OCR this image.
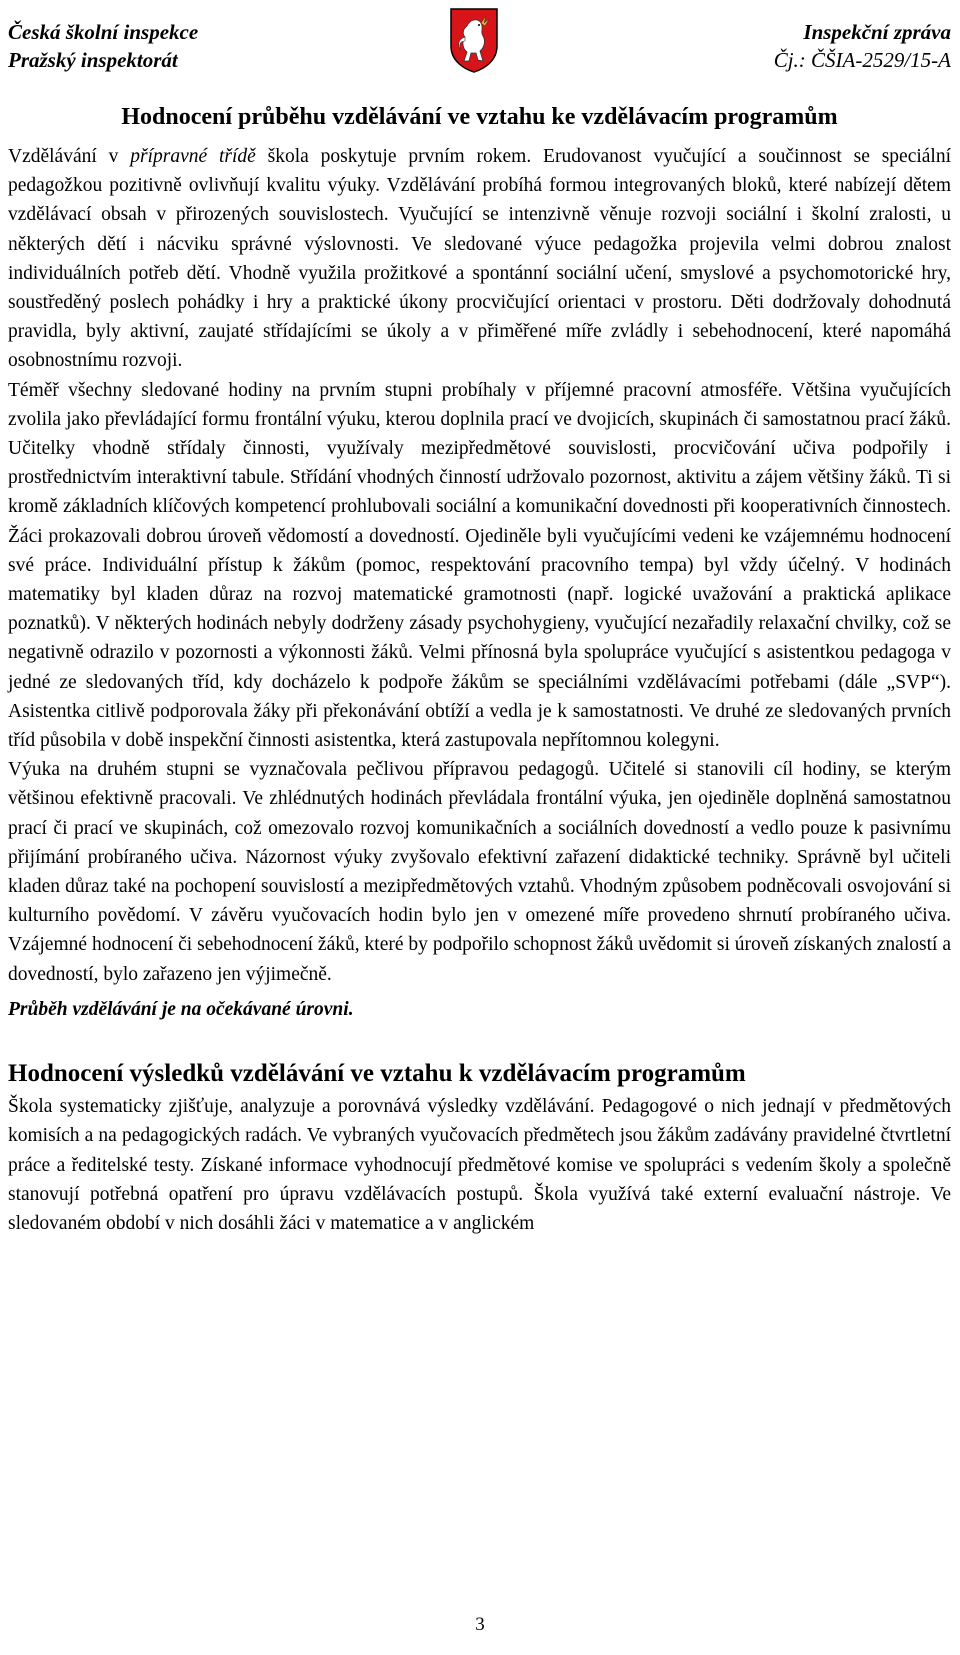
Česká školní inspekce
Pražský inspektorát
Inspekční zpráva
Čj.: ČŠIA-2529/15-A
Hodnocení průběhu vzdělávání ve vztahu ke vzdělávacím programům

Vzdělávání v přípravné třídě škola poskytuje prvním rokem. Erudovanost vyučující a součinnost se speciální pedagožkou pozitivně ovlivňují kvalitu výuky. Vzdělávání probíhá formou integrovaných bloků, které nabízejí dětem vzdělávací obsah v přirozených souvislostech. Vyučující se intenzivně věnuje rozvoji sociální i školní zralosti, u některých dětí i nácviku správné výslovnosti. Ve sledované výuce pedagožka projevila velmi dobrou znalost individuálních potřeb dětí. Vhodně využila prožitkové a spontánní sociální učení, smyslové a psychomotorické hry, soustředěný poslech pohádky i hry a praktické úkony procvičující orientaci v prostoru. Děti dodržovaly dohodnutá pravidla, byly aktivní, zaujaté střídajícími se úkoly a v přiměřené míře zvládly i sebehodnocení, které napomáhá osobnostnímu rozvoji.

Téměř všechny sledované hodiny na prvním stupni probíhaly v příjemné pracovní atmosféře. Většina vyučujících zvolila jako převládající formu frontální výuku, kterou doplnila prací ve dvojicích, skupinách či samostatnou prací žáků. Učitelky vhodně střídaly činnosti, využívaly mezipředmětové souvislosti, procvičování učiva podpořily i prostřednictvím interaktivní tabule. Střídání vhodných činností udržovalo pozornost, aktivitu a zájem většiny žáků. Ti si kromě základních klíčových kompetencí prohlubovali sociální a komunikační dovednosti při kooperativních činnostech. Žáci prokazovali dobrou úroveň vědomostí a dovedností. Ojediněle byli vyučujícími vedeni ke vzájemnému hodnocení své práce. Individuální přístup k žákům (pomoc, respektování pracovního tempa) byl vždy účelný. V hodinách matematiky byl kladen důraz na rozvoj matematické gramotnosti (např. logické uvažování a praktická aplikace poznatků). V některých hodinách nebyly dodrženy zásady psychohygieny, vyučující nezařadily relaxační chvilky, což se negativně odrazilo v pozornosti a výkonnosti žáků. Velmi přínosná byla spolupráce vyučující s asistentkou pedagoga v jedné ze sledovaných tříd, kdy docházelo k podpoře žákům se speciálními vzdělávacími potřebami (dále „SVP“). Asistentka citlivě podporovala žáky při překonávání obtíží a vedla je k samostatnosti. Ve druhé ze sledovaných prvních tříd působila v době inspekční činnosti asistentka, která zastupovala nepřítomnou kolegyni.

Výuka na druhém stupni se vyznačovala pečlivou přípravou pedagogů. Učitelé si stanovili cíl hodiny, se kterým většinou efektivně pracovali. Ve zhlédnutých hodinách převládala frontální výuka, jen ojediněle doplněná samostatnou prací či prací ve skupinách, což omezovalo rozvoj komunikačních a sociálních dovedností a vedlo pouze k pasivnímu přijímání probíraného učiva. Názornost výuky zvyšovalo efektivní zařazení didaktické techniky. Správně byl učiteli kladen důraz také na pochopení souvislostí a mezipředmětových vztahů. Vhodným způsobem podněcovali osvojování si kulturního povědomí. V závěru vyučovacích hodin bylo jen v omezené míře provedeno shrnutí probíraného učiva. Vzájemné hodnocení či sebehodnocení žáků, které by podpořilo schopnost žáků uvědomit si úroveň získaných znalostí a dovedností, bylo zařazeno jen výjimečně.

Průběh vzdělávání je na očekávané úrovni.

Hodnocení výsledků vzdělávání ve vztahu k vzdělávacím programům

Škola systematicky zjišťuje, analyzuje a porovnává výsledky vzdělávání. Pedagogové o nich jednají v předmětových komisích a na pedagogických radách. Ve vybraných vyučovacích předmětech jsou žákům zadávány pravidelné čtvrtletní práce a ředitelské testy. Získané informace vyhodnocují předmětové komise ve spolupráci s vedením školy a společně stanovují potřebná opatření pro úpravu vzdělávacích postupů. Škola využívá také externí evaluační nástroje. Ve sledovaném období v nich dosáhli žáci v matematice a v anglickém

3
